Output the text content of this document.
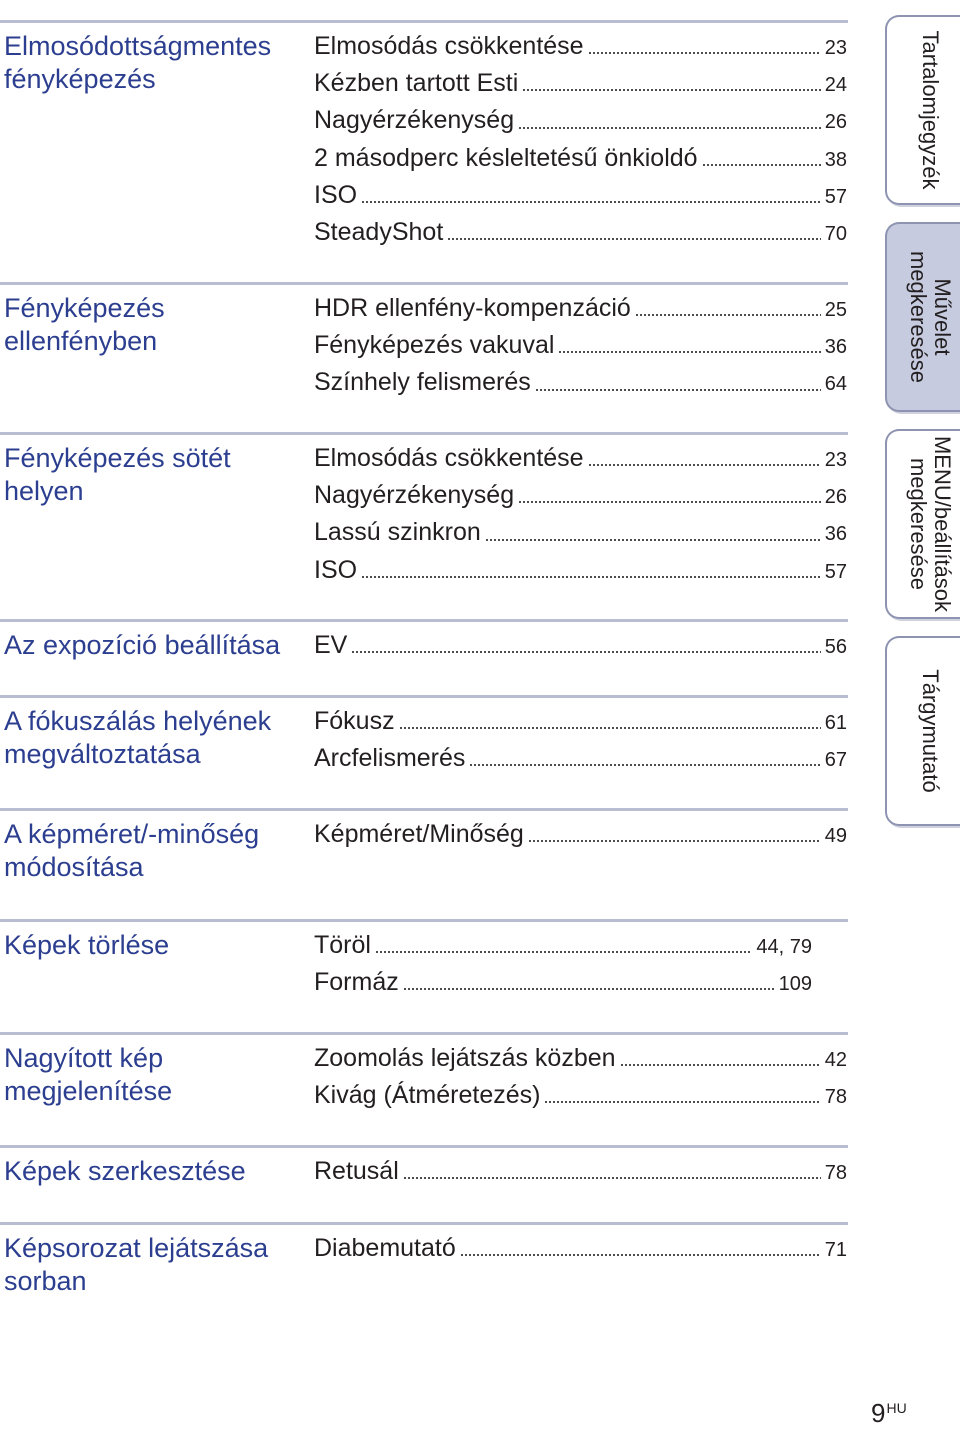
Elmosódottságmentes
fényképezés
Elmosódás csökkentése	23
Kézben tartott Esti	24
Nagyérzékenység	26
2 másodperc késleltetésű önkioldó	38
ISO	57
SteadyShot	70
Fényképezés
ellenfényben
HDR ellenfény-kompenzáció	25
Fényképezés vakuval	36
Színhely felismerés	64
Fényképezés sötét
helyen
Elmosódás csökkentése	23
Nagyérzékenység	26
Lassú szinkron	36
ISO	57
Az expozíció beállítása	EV	56
A fókuszálás helyének
megváltoztatása
Fókusz	61
Arcfelismerés	67
A képméret/-minőség
módosítása
Képméret/Minőség	49
Képek törlése	Töröl	44, 79
Formáz	109
Nagyított kép
megjelenítése
Zoomolás lejátszás közben	42
Kivág (Átméretezés)	78
Képek szerkesztése	Retusál	78
Képsorozat lejátszása
sorban
Diabemutató	71
Tartalomjegyzék
Művelet
megkeresése
MENU/beállítások
megkeresése
Tárgymutató
$9^{HU}$
